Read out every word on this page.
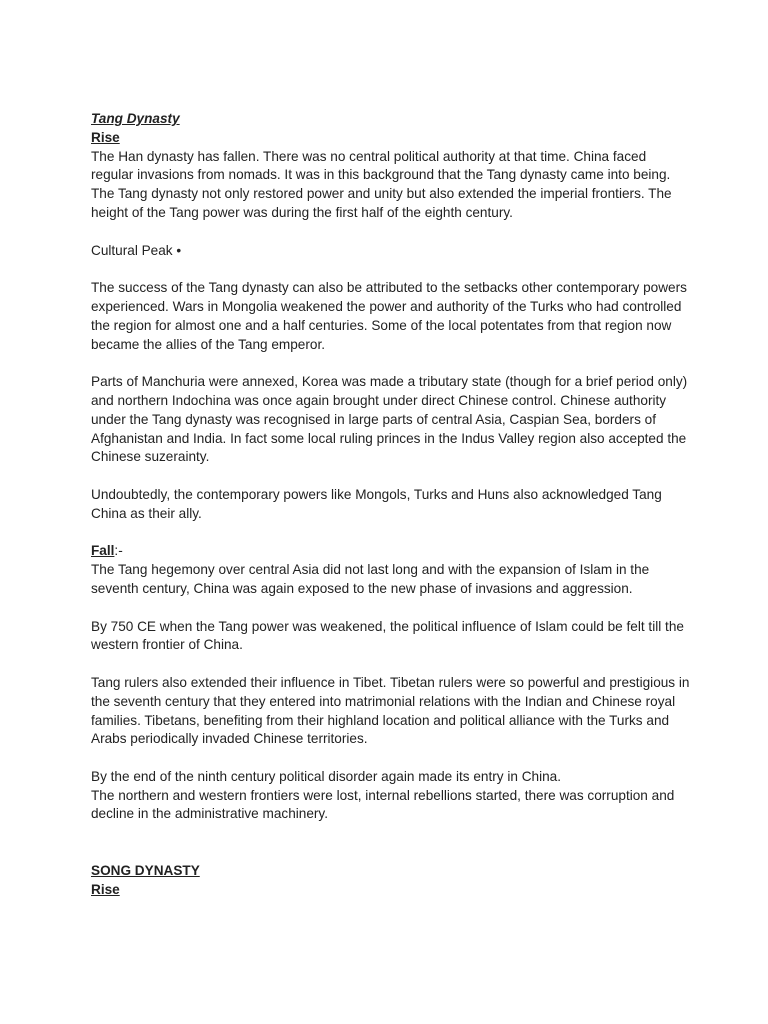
Tang Dynasty
Rise

The Han dynasty has fallen. There was no central political authority at that time. China faced regular invasions from nomads. It was in this background that the Tang dynasty came into being. The Tang dynasty not only restored power and unity but also extended the imperial frontiers. The height of the Tang power was during the first half of the eighth century.

Cultural Peak •

The success of the Tang dynasty can also be attributed to the setbacks other contemporary powers experienced. Wars in Mongolia weakened the power and authority of the Turks who had controlled the region for almost one and a half centuries. Some of the local potentates from that region now became the allies of the Tang emperor.

Parts of Manchuria were annexed, Korea was made a tributary state (though for a brief period only) and northern Indochina was once again brought under direct Chinese control. Chinese authority under the Tang dynasty was recognised in large parts of central Asia, Caspian Sea, borders of Afghanistan and India. In fact some local ruling princes in the Indus Valley region also accepted the Chinese suzerainty.

Undoubtedly, the contemporary powers like Mongols, Turks and Huns also acknowledged Tang China as their ally.

Fall:-

The Tang hegemony over central Asia did not last long and with the expansion of Islam in the seventh century, China was again exposed to the new phase of invasions and aggression.

By 750 CE when the Tang power was weakened, the political influence of Islam could be felt till the western frontier of China.

Tang rulers also extended their influence in Tibet. Tibetan rulers were so powerful and prestigious in the seventh century that they entered into matrimonial relations with the Indian and Chinese royal families. Tibetans, benefiting from their highland location and political alliance with the Turks and Arabs periodically invaded Chinese territories.

By the end of the ninth century political disorder again made its entry in China.

The northern and western frontiers were lost, internal rebellions started, there was corruption and decline in the administrative machinery.

SONG DYNASTY
Rise
